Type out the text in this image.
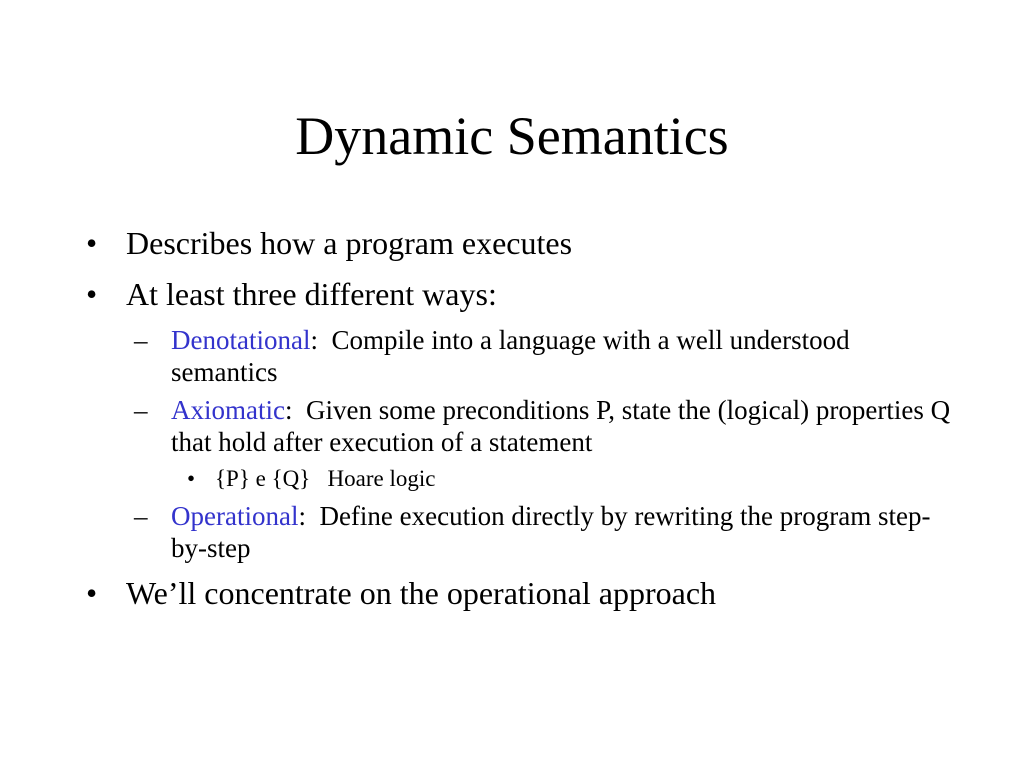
Dynamic Semantics
• Describes how a program executes
• At least three different ways:
– Denotational:  Compile into a language with a well understood semantics
– Axiomatic:  Given some preconditions P, state the (logical) properties Q that hold after execution of a statement
• {P} e {Q}   Hoare logic
– Operational:  Define execution directly by rewriting the program step-by-step
• We’ll concentrate on the operational approach
